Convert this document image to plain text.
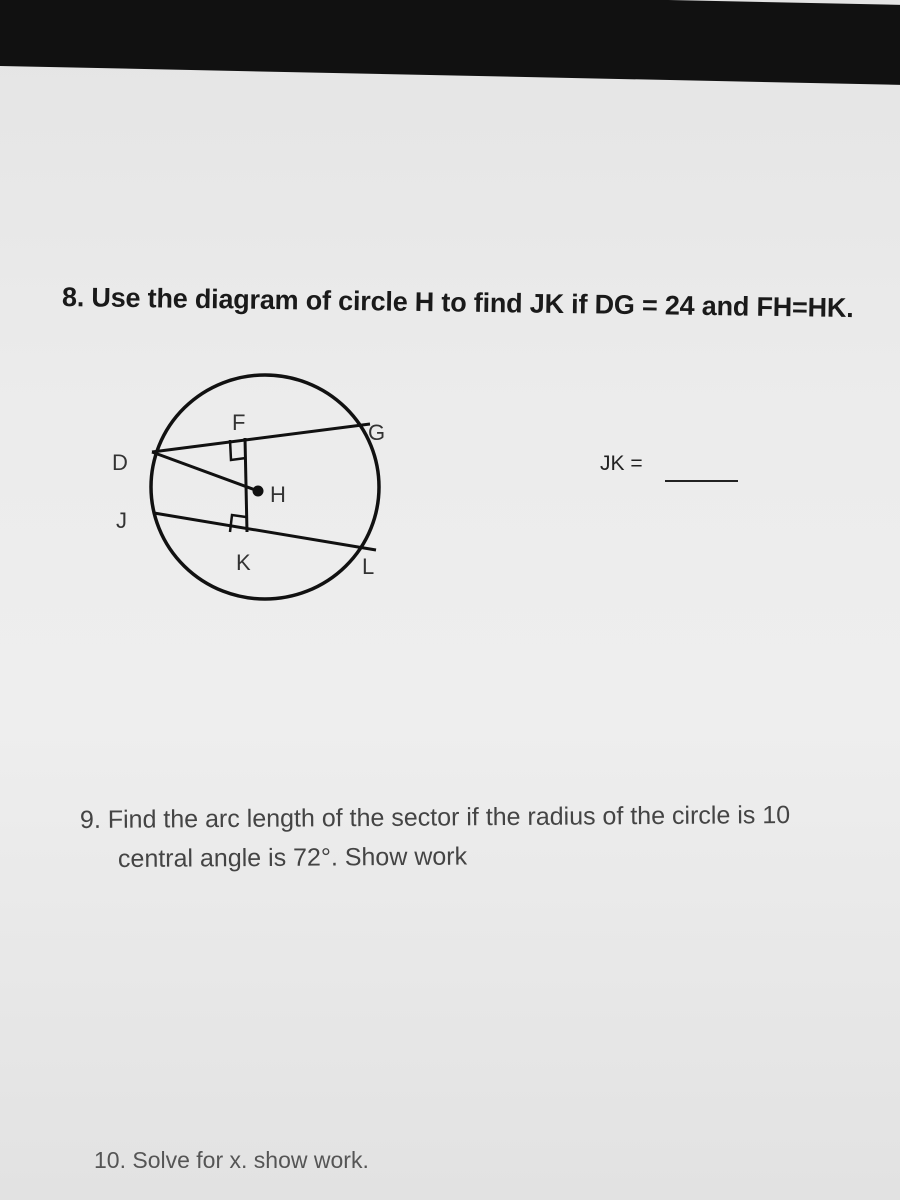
8. Use the diagram of circle H to find JK if DG = 24 and FH=HK.
D
F	G
H
J
K	L
JK =
9. Find the arc length of the sector if the radius of the circle is 10
central angle is 72°. Show work
10. Solve for x. show work.
